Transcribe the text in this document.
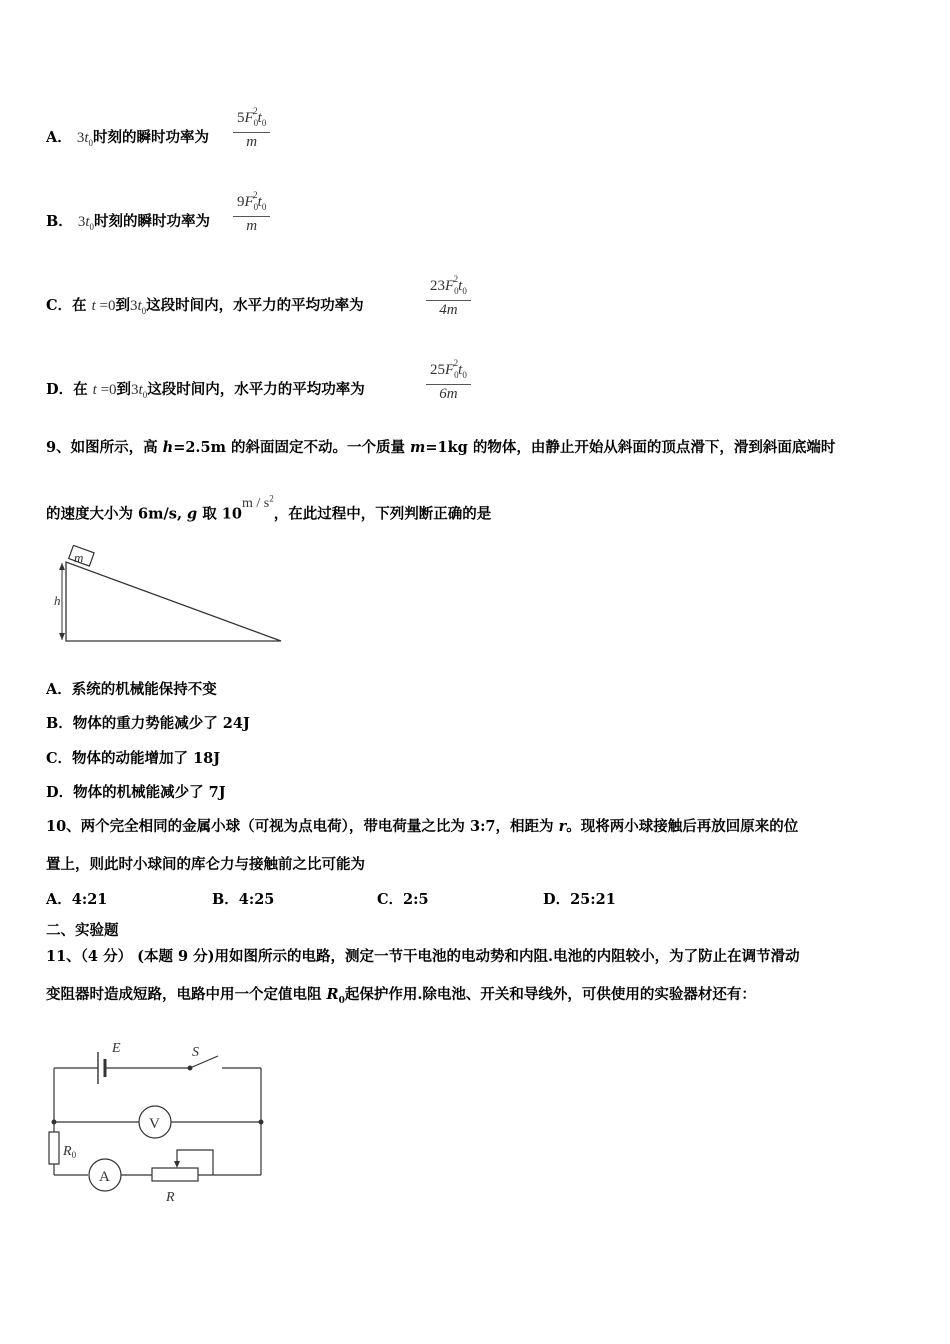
A． $3t_0$时刻的瞬时功率为 $\frac{5F_0^2t_0}{m}$
B． $3t_0$时刻的瞬时功率为 $\frac{9F_0^2t_0}{m}$
C．在 t =0到$3t_0$这段时间内，水平力的平均功率为	$\frac{23F_0^2t_0}{4m}$
D．在 t =0到$3t_0$这段时间内，水平力的平均功率为	$\frac{25F_0^2t_0}{6m}$
9、如图所示，高 h=2.5m 的斜面固定不动。一个质量 m=1kg 的物体，由静止开始从斜面的顶点滑下，滑到斜面底端时
的速度大小为 6m/s, g 取 $10m / s^2$，在此过程中，下列判断正确的是
m
h
A．系统的机械能保持不变
B．物体的重力势能减少了 24J
C．物体的动能增加了 18J
D．物体的机械能减少了 7J
10、两个完全相同的金属小球（可视为点电荷），带电荷量之比为 3:7，相距为 r。现将两小球接触后再放回原来的位
置上，则此时小球间的库仑力与接触前之比可能为
A．4:21	B．4:25	C．2:5	D．25:21
二、实验题
11、（4 分） (本题 9 分)用如图所示的电路，测定一节干电池的电动势和内阻.电池的内阻较小，为了防止在调节滑动
变阻器时造成短路，电路中用一个定值电阻 $R_0$起保护作用.除电池、开关和导线外，可供使用的实验器材还有：
E	S
V
A
$R_0$
R
